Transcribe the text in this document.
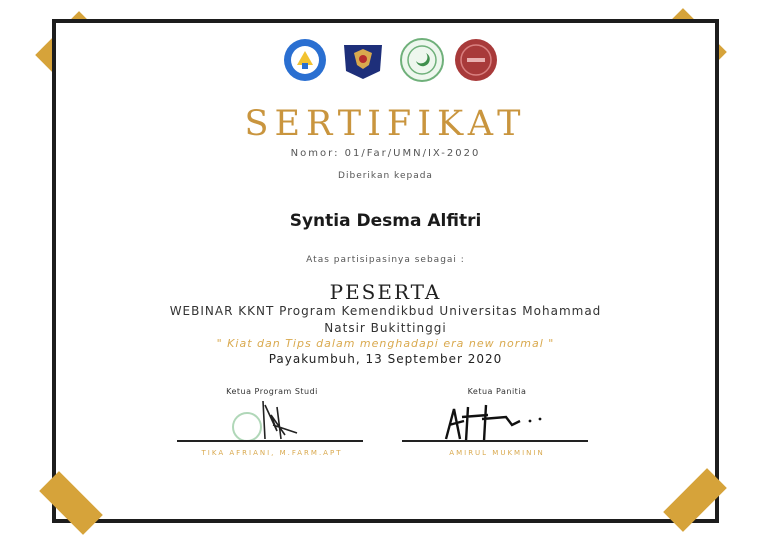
SERTIFIKAT
Nomor: 01/Far/UMN/IX-2020
Diberikan kepada
Syntia Desma Alfitri
Atas partisipasinya sebagai :
PESERTA
WEBINAR KKNT Program Kemendikbud Universitas Mohammad
Natsir Bukittinggi
" Kiat dan Tips dalam menghadapi era new normal "
Payakumbuh, 13 September 2020
Ketua Program Studi
TIKA AFRIANI, M.FARM.APT
Ketua Panitia
AMIRUL MUKMININ
